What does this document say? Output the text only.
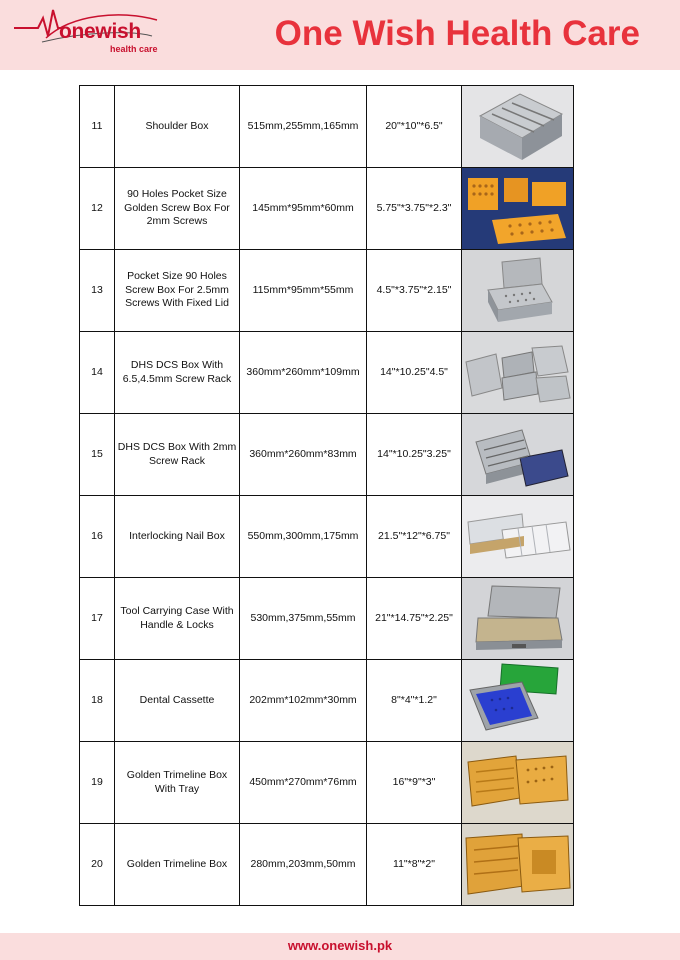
onewish
health care	One Wish Health Care
11	Shoulder Box	515mm,255mm,165mm	20"*10"*6.5"	

12	90 Holes Pocket Size Golden Screw Box For 2mm Screws	145mm*95mm*60mm	5.75"*3.75"*2.3"	

13	Pocket Size 90 Holes Screw Box For 2.5mm Screws With Fixed Lid	115mm*95mm*55mm	4.5"*3.75"*2.15"	

14	DHS DCS Box With 6.5,4.5mm Screw Rack	360mm*260mm*109mm	14"*10.25"4.5"	

15	DHS DCS Box With 2mm Screw Rack	360mm*260mm*83mm	14"*10.25"3.25"	

16	Interlocking Nail Box	550mm,300mm,175mm	21.5"*12"*6.75"	

17	Tool Carrying Case With Handle & Locks	530mm,375mm,55mm	21"*14.75"*2.25"	

18	Dental Cassette	202mm*102mm*30mm	8"*4"*1.2"	

19	Golden Trimeline Box With Tray	450mm*270mm*76mm	16"*9"*3"	

20	Golden Trimeline Box	280mm,203mm,50mm	11"*8"*2"	
www.onewish.pk
